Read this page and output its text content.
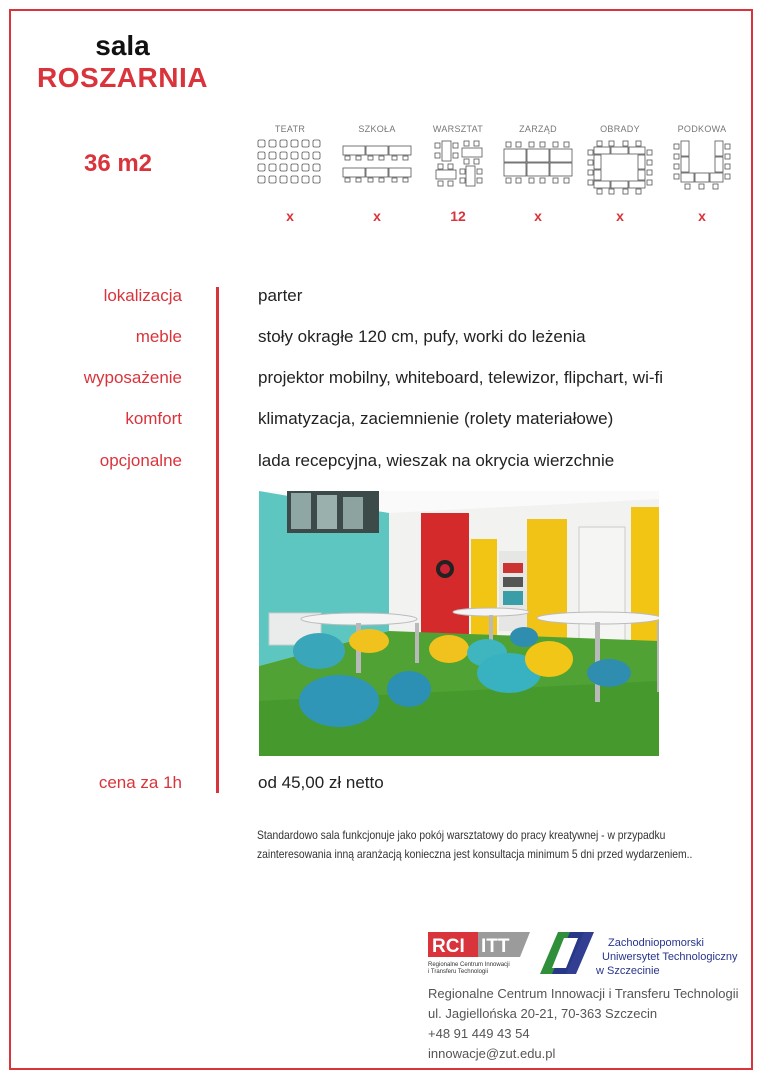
sala
ROSZARNIA
36 m2
TEATR
x
SZKOŁA
x
WARSZTAT
12
ZARZĄD
x
OBRADY
x
PODKOWA
x
lokalizacja	parter
meble	stoły okragłe 120 cm, pufy, worki do leżenia
wyposażenie	projektor mobilny, whiteboard, telewizor, flipchart, wi-fi
komfort	klimatyzacja, zaciemnienie (rolety materiałowe)
opcjonalne	lada recepcyjna, wieszak na okrycia wierzchnie
cena za 1h	od 45,00 zł netto
Standardowo sala funkcjonuje jako pokój warsztatowy do pracy kreatywnej - w przypadku
zainteresowania inną aranżacją konieczna jest konsultacja minimum 5 dni przed wydarzeniem..
RCI ITT
Regionalne Centrum Innowacji
i Transferu Technologii
Zachodniopomorski
Uniwersytet Technologiczny
w Szczecinie
Regionalne Centrum Innowacji i Transferu Technologii
ul. Jagiellońska 20-21, 70-363 Szczecin
+48 91 449 43 54
innowacje@zut.edu.pl
